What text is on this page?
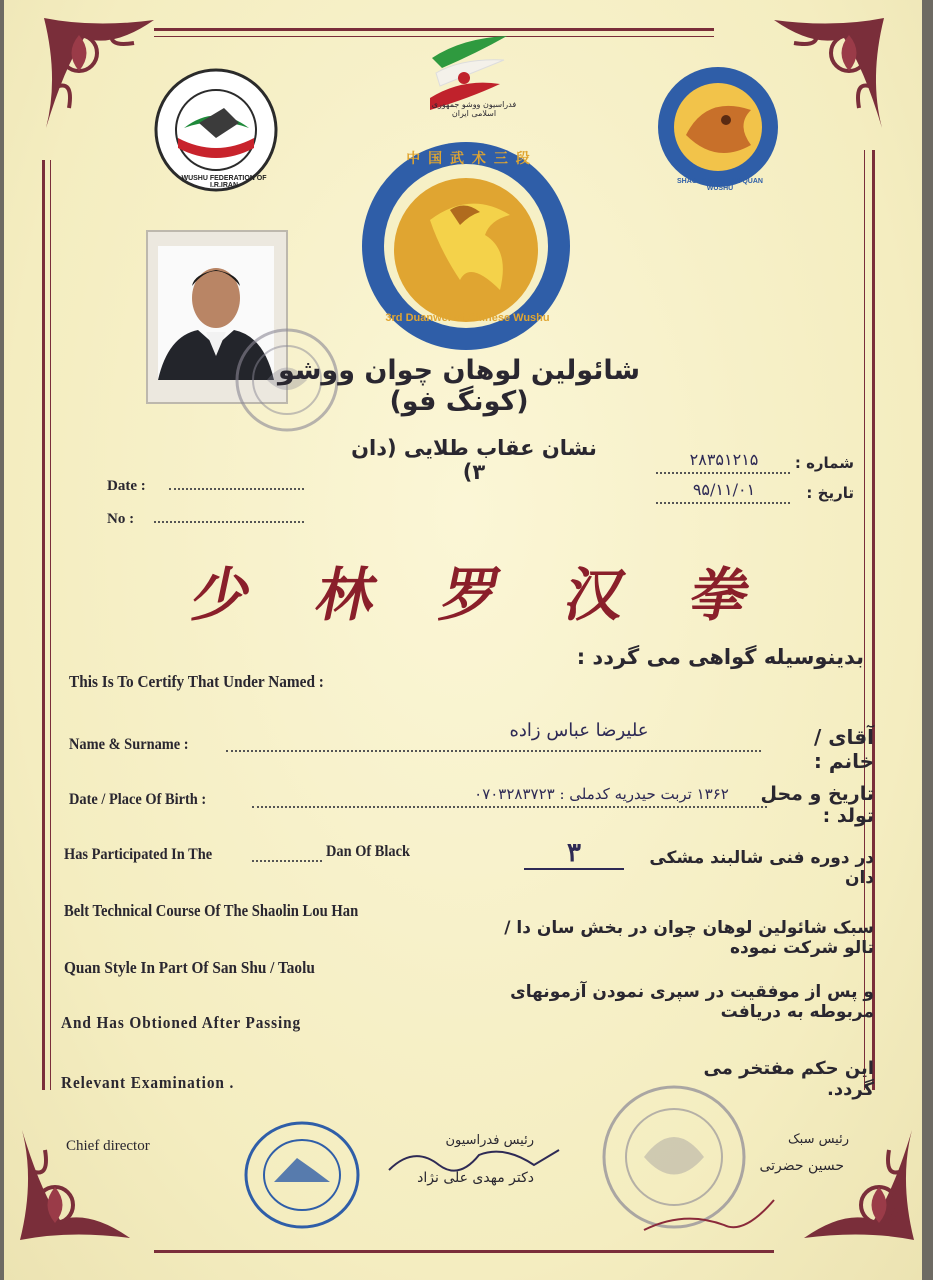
WUSHU FEDERATION OF I.R.IRAN
فدراسیون ووشو جمهوری اسلامی ایران
SHAOLIN LOUHAN QUAN WUSHU
中 国 武 术 三 段
3rd Duanwei of Chinese Wushu
شائولین لوهان چوان ووشو (کونگ فو)
نشان عقاب طلایی (دان ۳)	شماره :
۲۸۳۵۱۲۱۵
تاریخ :
۹۵/۱۱/۰۱
Date :
No :
少 林 罗 汉 拳
بدینوسیله گواهی می گردد :
This Is To Certify That Under Named :
Name & Surname :
علیرضا عباس زاده	آقای / خانم :
Date / Place Of Birth :	۱۳۶۲ تربت حیدریه کدملی : ۰۷۰۳۲۸۳۷۲۳	تاریخ و محل تولد :
Has Participated In The	Dan Of Black	۳	در دوره فنی شالبند مشکی دان
Belt Technical Course Of The Shaolin Lou Han
سبک شائولین لوهان چوان در بخش سان دا / تالو شرکت نموده
Quan Style In Part Of San Shu / Taolu
و پس از موفقیت در سپری نمودن آزمونهای مربوطه به دریافت
And Has Obtioned After Passing
این حکم مفتخر می گردد.
Relevant Examination .
Chief director	رئیس فدراسیون
دکتر مهدی علی نژاد
رئیس سبک
حسین حضرتی
